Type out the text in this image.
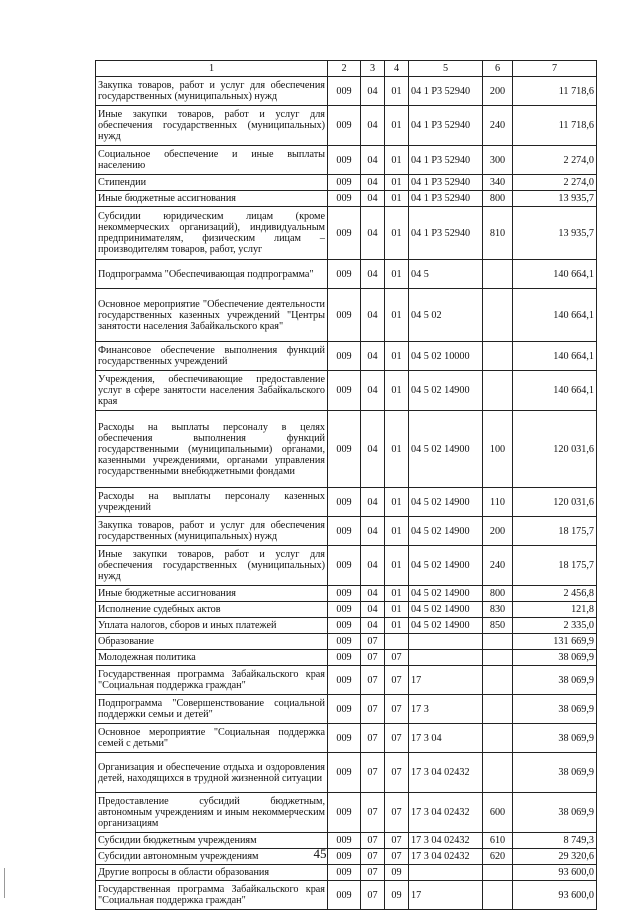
1	2	3	4	5	6	7
Закупка товаров, работ и услуг для обеспечения государственных (муниципальных) нужд	009	04	01	04 1 Р3 52940	200	11 718,6
Иные закупки товаров, работ и услуг для обеспечения государственных (муниципальных) нужд	009	04	01	04 1 Р3 52940	240	11 718,6
Социальное обеспечение и иные выплаты населению	009	04	01	04 1 Р3 52940	300	2 274,0
Стипендии	009	04	01	04 1 Р3 52940	340	2 274,0
Иные бюджетные ассигнования	009	04	01	04 1 Р3 52940	800	13 935,7
Субсидии юридическим лицам (кроме некоммерческих организаций), индивидуальным предпринимателям, физическим лицам – производителям товаров, работ, услуг	009	04	01	04 1 Р3 52940	810	13 935,7
Подпрограмма "Обеспечивающая подпрограмма"	009	04	01	04 5		140 664,1
Основное мероприятие "Обеспечение деятельности государственных казенных учреждений "Центры занятости населения Забайкальского края"	009	04	01	04 5 02		140 664,1
Финансовое обеспечение выполнения функций государственных учреждений	009	04	01	04 5 02 10000		140 664,1
Учреждения, обеспечивающие предоставление услуг в сфере занятости населения Забайкальского края	009	04	01	04 5 02 14900		140 664,1
Расходы на выплаты персоналу в целях обеспечения выполнения функций государственными (муниципальными) органами, казенными учреждениями, органами управления государственными внебюджетными фондами	009	04	01	04 5 02 14900	100	120 031,6
Расходы на выплаты персоналу казенных учреждений	009	04	01	04 5 02 14900	110	120 031,6
Закупка товаров, работ и услуг для обеспечения государственных (муниципальных) нужд	009	04	01	04 5 02 14900	200	18 175,7
Иные закупки товаров, работ и услуг для обеспечения государственных (муниципальных) нужд	009	04	01	04 5 02 14900	240	18 175,7
Иные бюджетные ассигнования	009	04	01	04 5 02 14900	800	2 456,8
Исполнение судебных актов	009	04	01	04 5 02 14900	830	121,8
Уплата налогов, сборов и иных платежей	009	04	01	04 5 02 14900	850	2 335,0
Образование	009	07				131 669,9
Молодежная политика	009	07	07			38 069,9
Государственная программа Забайкальского края "Социальная поддержка граждан"	009	07	07	17		38 069,9
Подпрограмма "Совершенствование социальной поддержки семьи и детей"	009	07	07	17 3		38 069,9
Основное мероприятие "Социальная поддержка семей с детьми"	009	07	07	17 3 04		38 069,9
Организация и обеспечение отдыха и оздоровления детей, находящихся в трудной жизненной ситуации	009	07	07	17 3 04 02432		38 069,9
Предоставление субсидий бюджетным, автономным учреждениям и иным некоммерческим организациям	009	07	07	17 3 04 02432	600	38 069,9
Субсидии бюджетным учреждениям	009	07	07	17 3 04 02432	610	8 749,3
Субсидии автономным учреждениям	009	07	07	17 3 04 02432	620	29 320,6
Другие вопросы в области образования	009	07	09			93 600,0
Государственная программа Забайкальского края "Социальная поддержка граждан"	009	07	09	17		93 600,0
45
